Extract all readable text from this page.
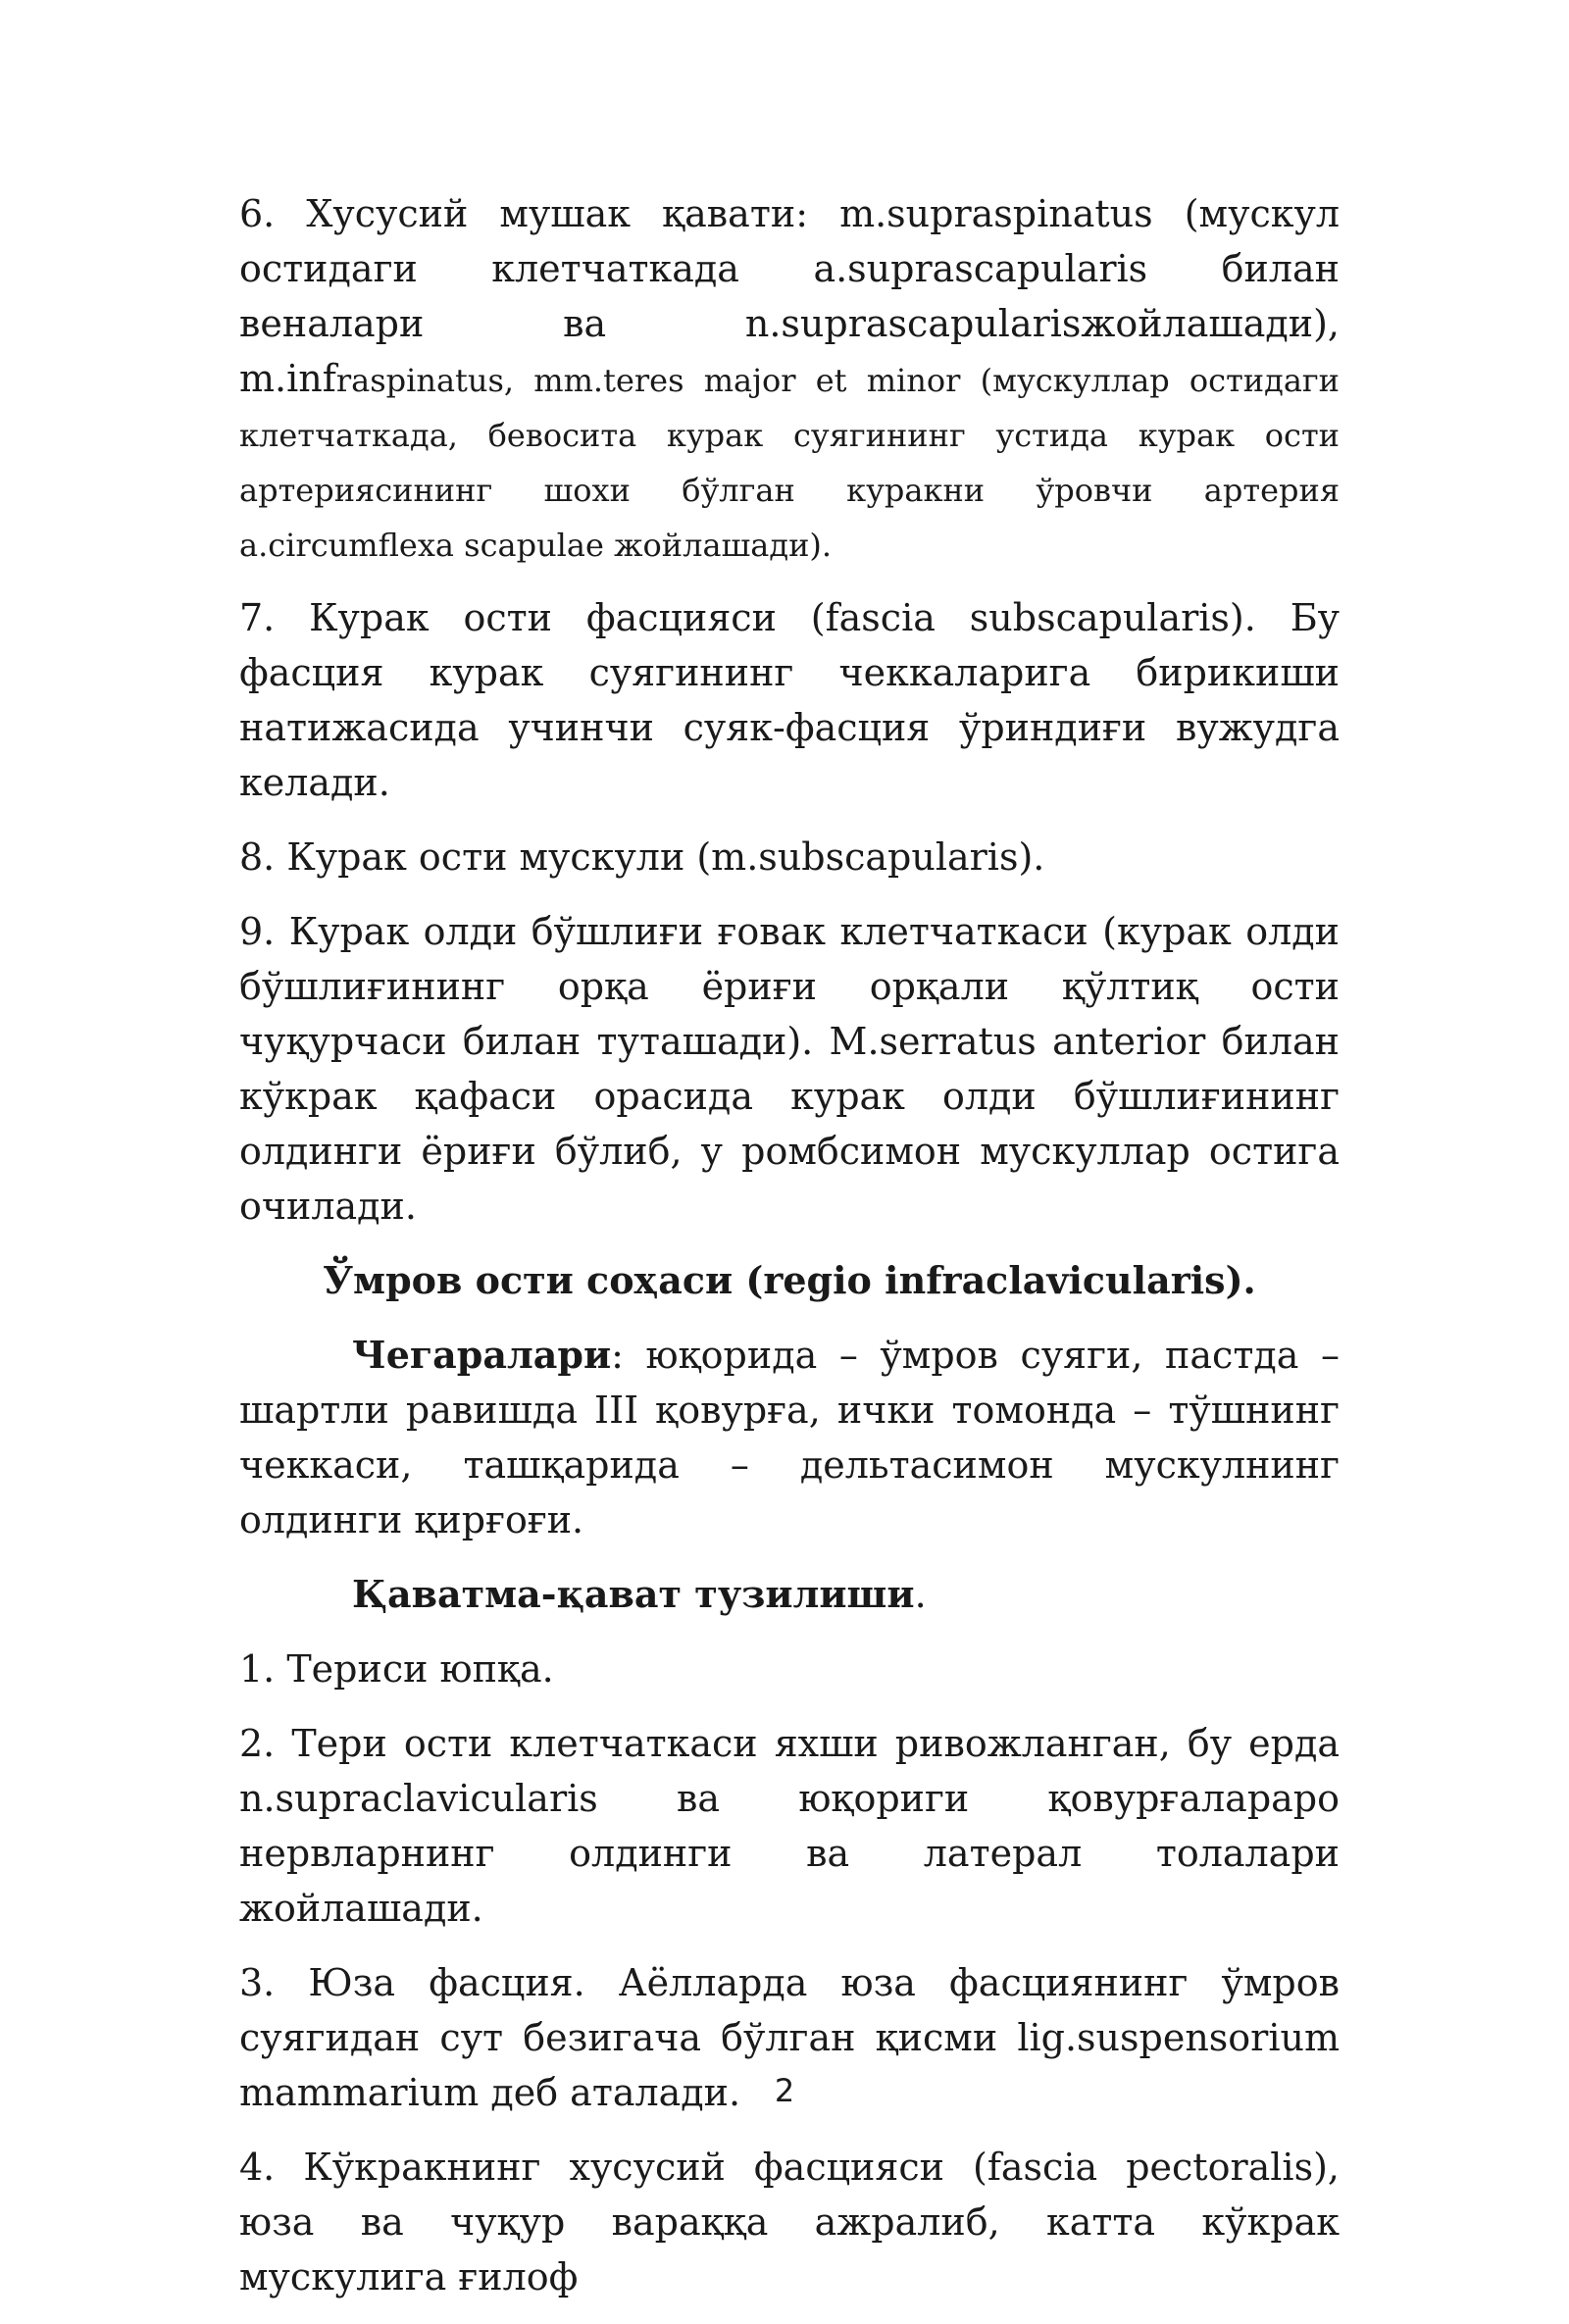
6. Хусусий мушак қавати: m.supraspinatus (мускул остидаги клетчаткада a.suprascapularis билан веналари ва n.suprascapularisжойлашади), m.infraspinatus, mm.teres major et minor (мускуллар остидаги клетчаткада, бевосита курак суягининг устида курак ости артериясининг шохи бўлган куракни ўровчи артерия a.circumflexa scapulae жойлашади).

7. Курак ости фасцияси (fascia subscapularis). Бу фасция курак суягининг чеккаларига бирикиши натижасида учинчи суяк-фасция ўриндиғи вужудга келади.

8. Курак ости мускули (m.subscapularis).

9. Курак олди бўшлиғи ғовак клетчаткаси (курак олди бўшлиғининг орқа ёриғи орқали қўлтиқ ости чуқурчаси билан туташади). M.serratus anterior билан кўкрак қафаси орасида курак олди бўшлиғининг олдинги ёриғи бўлиб, у ромбсимон мускуллар остига очилади.

Ўмров ости соҳаси (regio infraclavicularis).

Чегаралари: юқорида – ўмров суяги, пастда – шартли равишда III қовурға, ички томонда – тўшнинг чеккаси, ташқарида – дельтасимон мускулнинг олдинги қирғоғи.

Қаватма-қават тузилиши.

1. Териси юпқа.

2. Тери ости клетчаткаси яхши ривожланган, бу ерда n.supraclavicularis ва юқориги қовурғалараро нервларнинг олдинги ва латерал толалари жойлашади.

3. Юза фасция. Аёлларда юза фасциянинг ўмров суягидан сут безигача бўлган қисми lig.suspensorium mammarium деб аталади.

4. Кўкракнинг хусусий фасцияси (fascia pectoralis), юза ва чуқур вараққа ажралиб, катта кўкрак мускулига ғилоф

2
